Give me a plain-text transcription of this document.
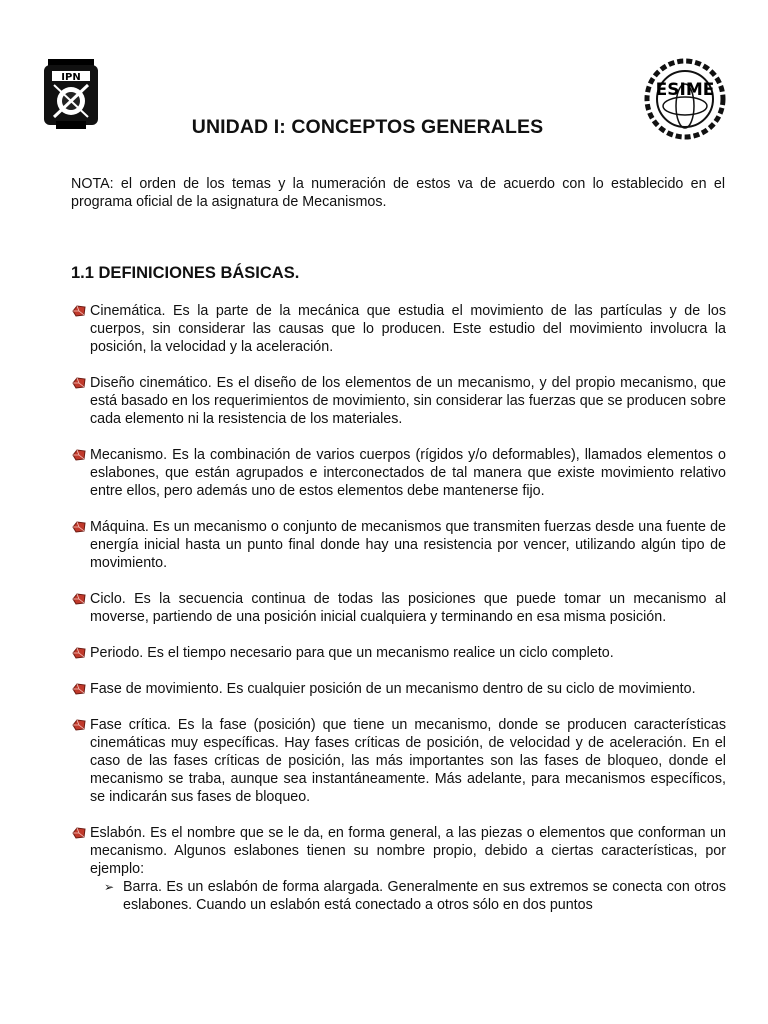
IPN
ESIME
UNIDAD I: CONCEPTOS GENERALES
NOTA: el orden de los temas y la numeración de estos va de acuerdo con lo establecido en el programa oficial de la asignatura de Mecanismos.
1.1 DEFINICIONES BÁSICAS.
Cinemática. Es la parte de la mecánica que estudia el movimiento de las partículas y de los cuerpos, sin considerar las causas que lo producen. Este estudio del movimiento involucra la posición, la velocidad y la aceleración.
Diseño cinemático. Es el diseño de los elementos de un mecanismo, y del propio mecanismo, que está basado en los requerimientos de movimiento, sin considerar las fuerzas que se producen sobre cada elemento ni la resistencia de los materiales.
Mecanismo. Es la combinación de varios cuerpos (rígidos y/o deformables), llamados elementos o eslabones, que están agrupados e interconectados de tal manera que existe movimiento relativo entre ellos, pero además uno de estos elementos debe mantenerse fijo.
Máquina. Es un mecanismo o conjunto de mecanismos que transmiten fuerzas desde una fuente de energía inicial hasta un punto final donde hay una resistencia por vencer, utilizando algún tipo de movimiento.
Ciclo. Es la secuencia continua de todas las posiciones que puede tomar un mecanismo al moverse, partiendo de una posición inicial cualquiera y terminando en esa misma posición.
Periodo. Es el tiempo necesario para que un mecanismo realice un ciclo completo.
Fase de movimiento. Es cualquier posición de un mecanismo dentro de su ciclo de movimiento.
Fase crítica. Es la fase (posición) que tiene un mecanismo, donde se producen características cinemáticas muy específicas. Hay fases críticas de posición, de velocidad y de aceleración. En el caso de las fases críticas de posición, las más importantes son las fases de bloqueo, donde el mecanismo se traba, aunque sea instantáneamente. Más adelante, para mecanismos específicos, se indicarán sus fases de bloqueo.
Eslabón. Es el nombre que se le da, en forma general, a las piezas o elementos que conforman un mecanismo. Algunos eslabones tienen su nombre propio, debido a ciertas características, por ejemplo:
➢ Barra. Es un eslabón de forma alargada. Generalmente en sus extremos se conecta con otros eslabones. Cuando un eslabón está conectado a otros sólo en dos puntos
